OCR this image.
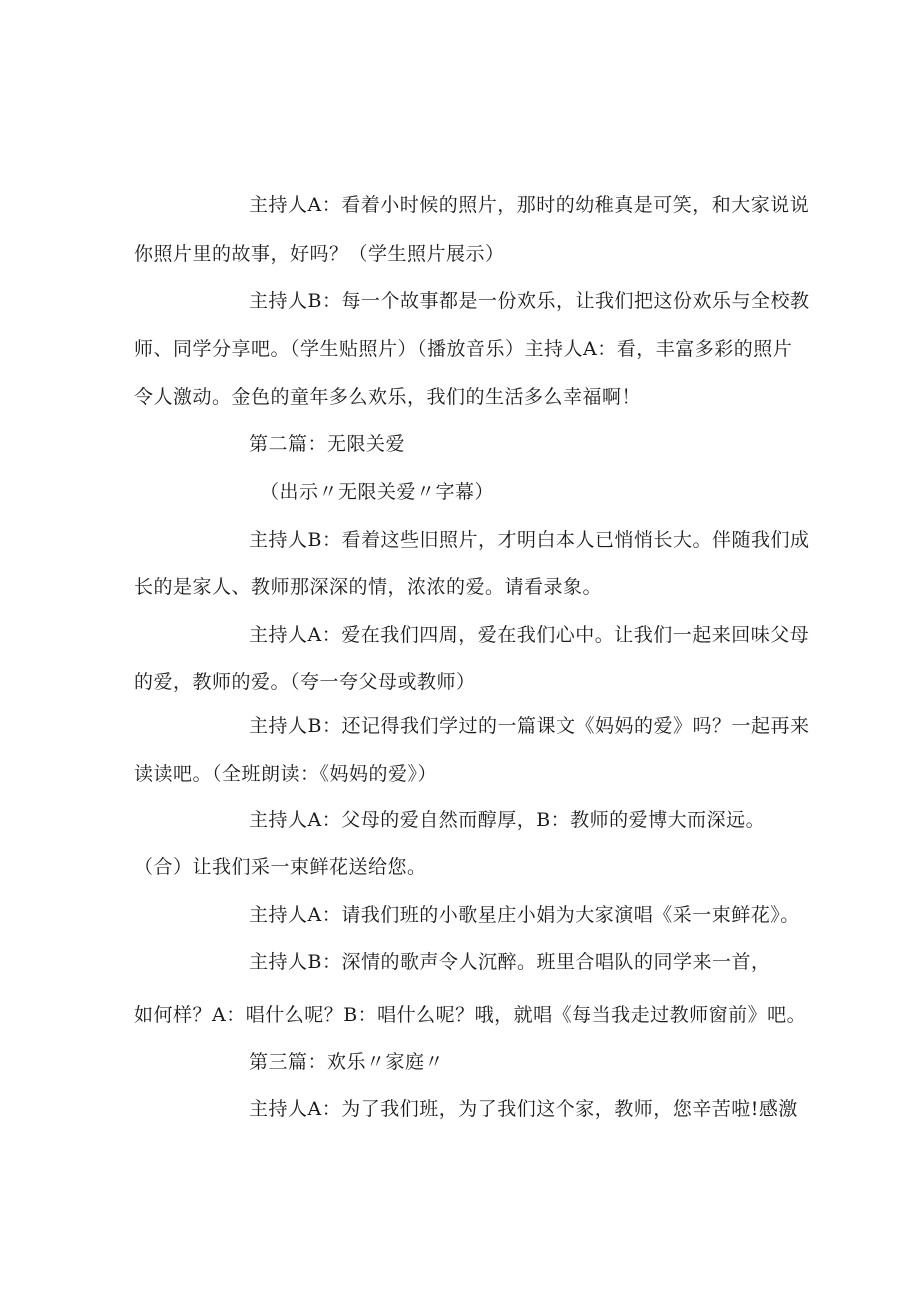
主持人A：看着小时候的照片，那时的幼稚真是可笑，和大家说说
你照片里的故事，好吗？（学生照片展示）
主持人B：每一个故事都是一份欢乐，让我们把这份欢乐与全校教
师、同学分享吧。（学生贴照片）（播放音乐）主持人A：看，丰富多彩的照片
令人激动。金色的童年多么欢乐，我们的生活多么幸福啊！
第二篇：无限关爱
（出示〃无限关爱〃字幕）
主持人B：看着这些旧照片，才明白本人已悄悄长大。伴随我们成
长的是家人、教师那深深的情，浓浓的爱。请看录象。
主持人A：爱在我们四周，爱在我们心中。让我们一起来回味父母
的爱，教师的爱。（夸一夸父母或教师）
主持人B：还记得我们学过的一篇课文《妈妈的爱》吗？一起再来
读读吧。（全班朗读：《妈妈的爱》）
主持人A：父母的爱自然而醇厚，B：教师的爱博大而深远。
（合）让我们采一束鲜花送给您。
主持人A：请我们班的小歌星庄小娟为大家演唱《采一束鲜花》。
主持人B：深情的歌声令人沉醉。班里合唱队的同学来一首，
如何样？A：唱什么呢？B：唱什么呢？哦，就唱《每当我走过教师窗前》吧。
第三篇：欢乐〃家庭〃
主持人A：为了我们班，为了我们这个家，教师，您辛苦啦!感激
